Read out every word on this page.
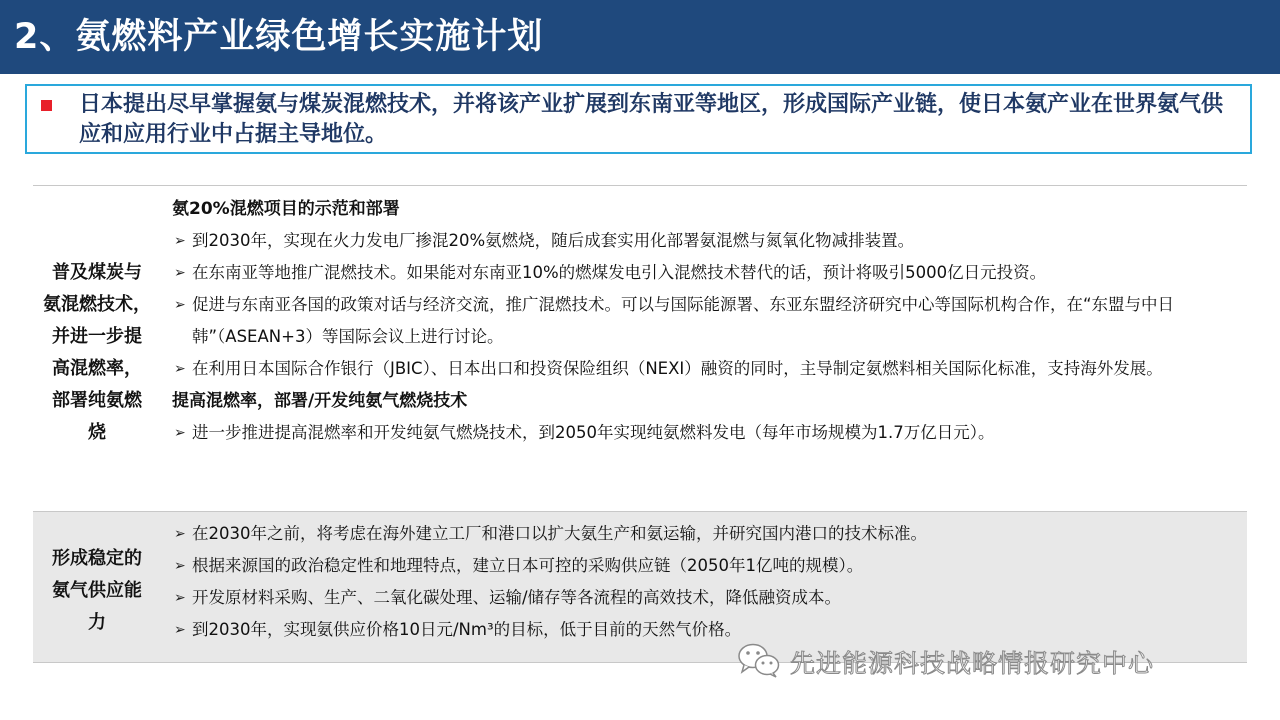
2、氨燃料产业绿色增长实施计划
日本提出尽早掌握氨与煤炭混燃技术，并将该产业扩展到东南亚等地区，形成国际产业链，使日本氨产业在世界氨气供应和应用行业中占据主导地位。
普及煤炭与
氨混燃技术，
并进一步提
高混燃率，
部署纯氨燃
烧
氨20%混燃项目的示范和部署
➢ 到2030年，实现在火力发电厂掺混20%氨燃烧，随后成套实用化部署氨混燃与氮氧化物减排装置。
➢ 在东南亚等地推广混燃技术。如果能对东南亚10%的燃煤发电引入混燃技术替代的话，预计将吸引5000亿日元投资。
➢ 促进与东南亚各国的政策对话与经济交流，推广混燃技术。可以与国际能源署、东亚东盟经济研究中心等国际机构合作，在“东盟与中日韩”（ASEAN+3）等国际会议上进行讨论。
➢ 在利用日本国际合作银行（JBIC）、日本出口和投资保险组织（NEXI）融资的同时，主导制定氨燃料相关国际化标准，支持海外发展。
提高混燃率，部署/开发纯氨气燃烧技术
➢ 进一步推进提高混燃率和开发纯氨气燃烧技术，到2050年实现纯氨燃料发电（每年市场规模为1.7万亿日元）。
形成稳定的
氨气供应能
力
➢ 在2030年之前，将考虑在海外建立工厂和港口以扩大氨生产和氨运输，并研究国内港口的技术标准。
➢ 根据来源国的政治稳定性和地理特点，建立日本可控的采购供应链（2050年1亿吨的规模）。
➢ 开发原材料采购、生产、二氧化碳处理、运输/储存等各流程的高效技术，降低融资成本。
➢ 到2030年，实现氨供应价格10日元/Nm³的目标，低于目前的天然气价格。
先进能源科技战略情报研究中心
